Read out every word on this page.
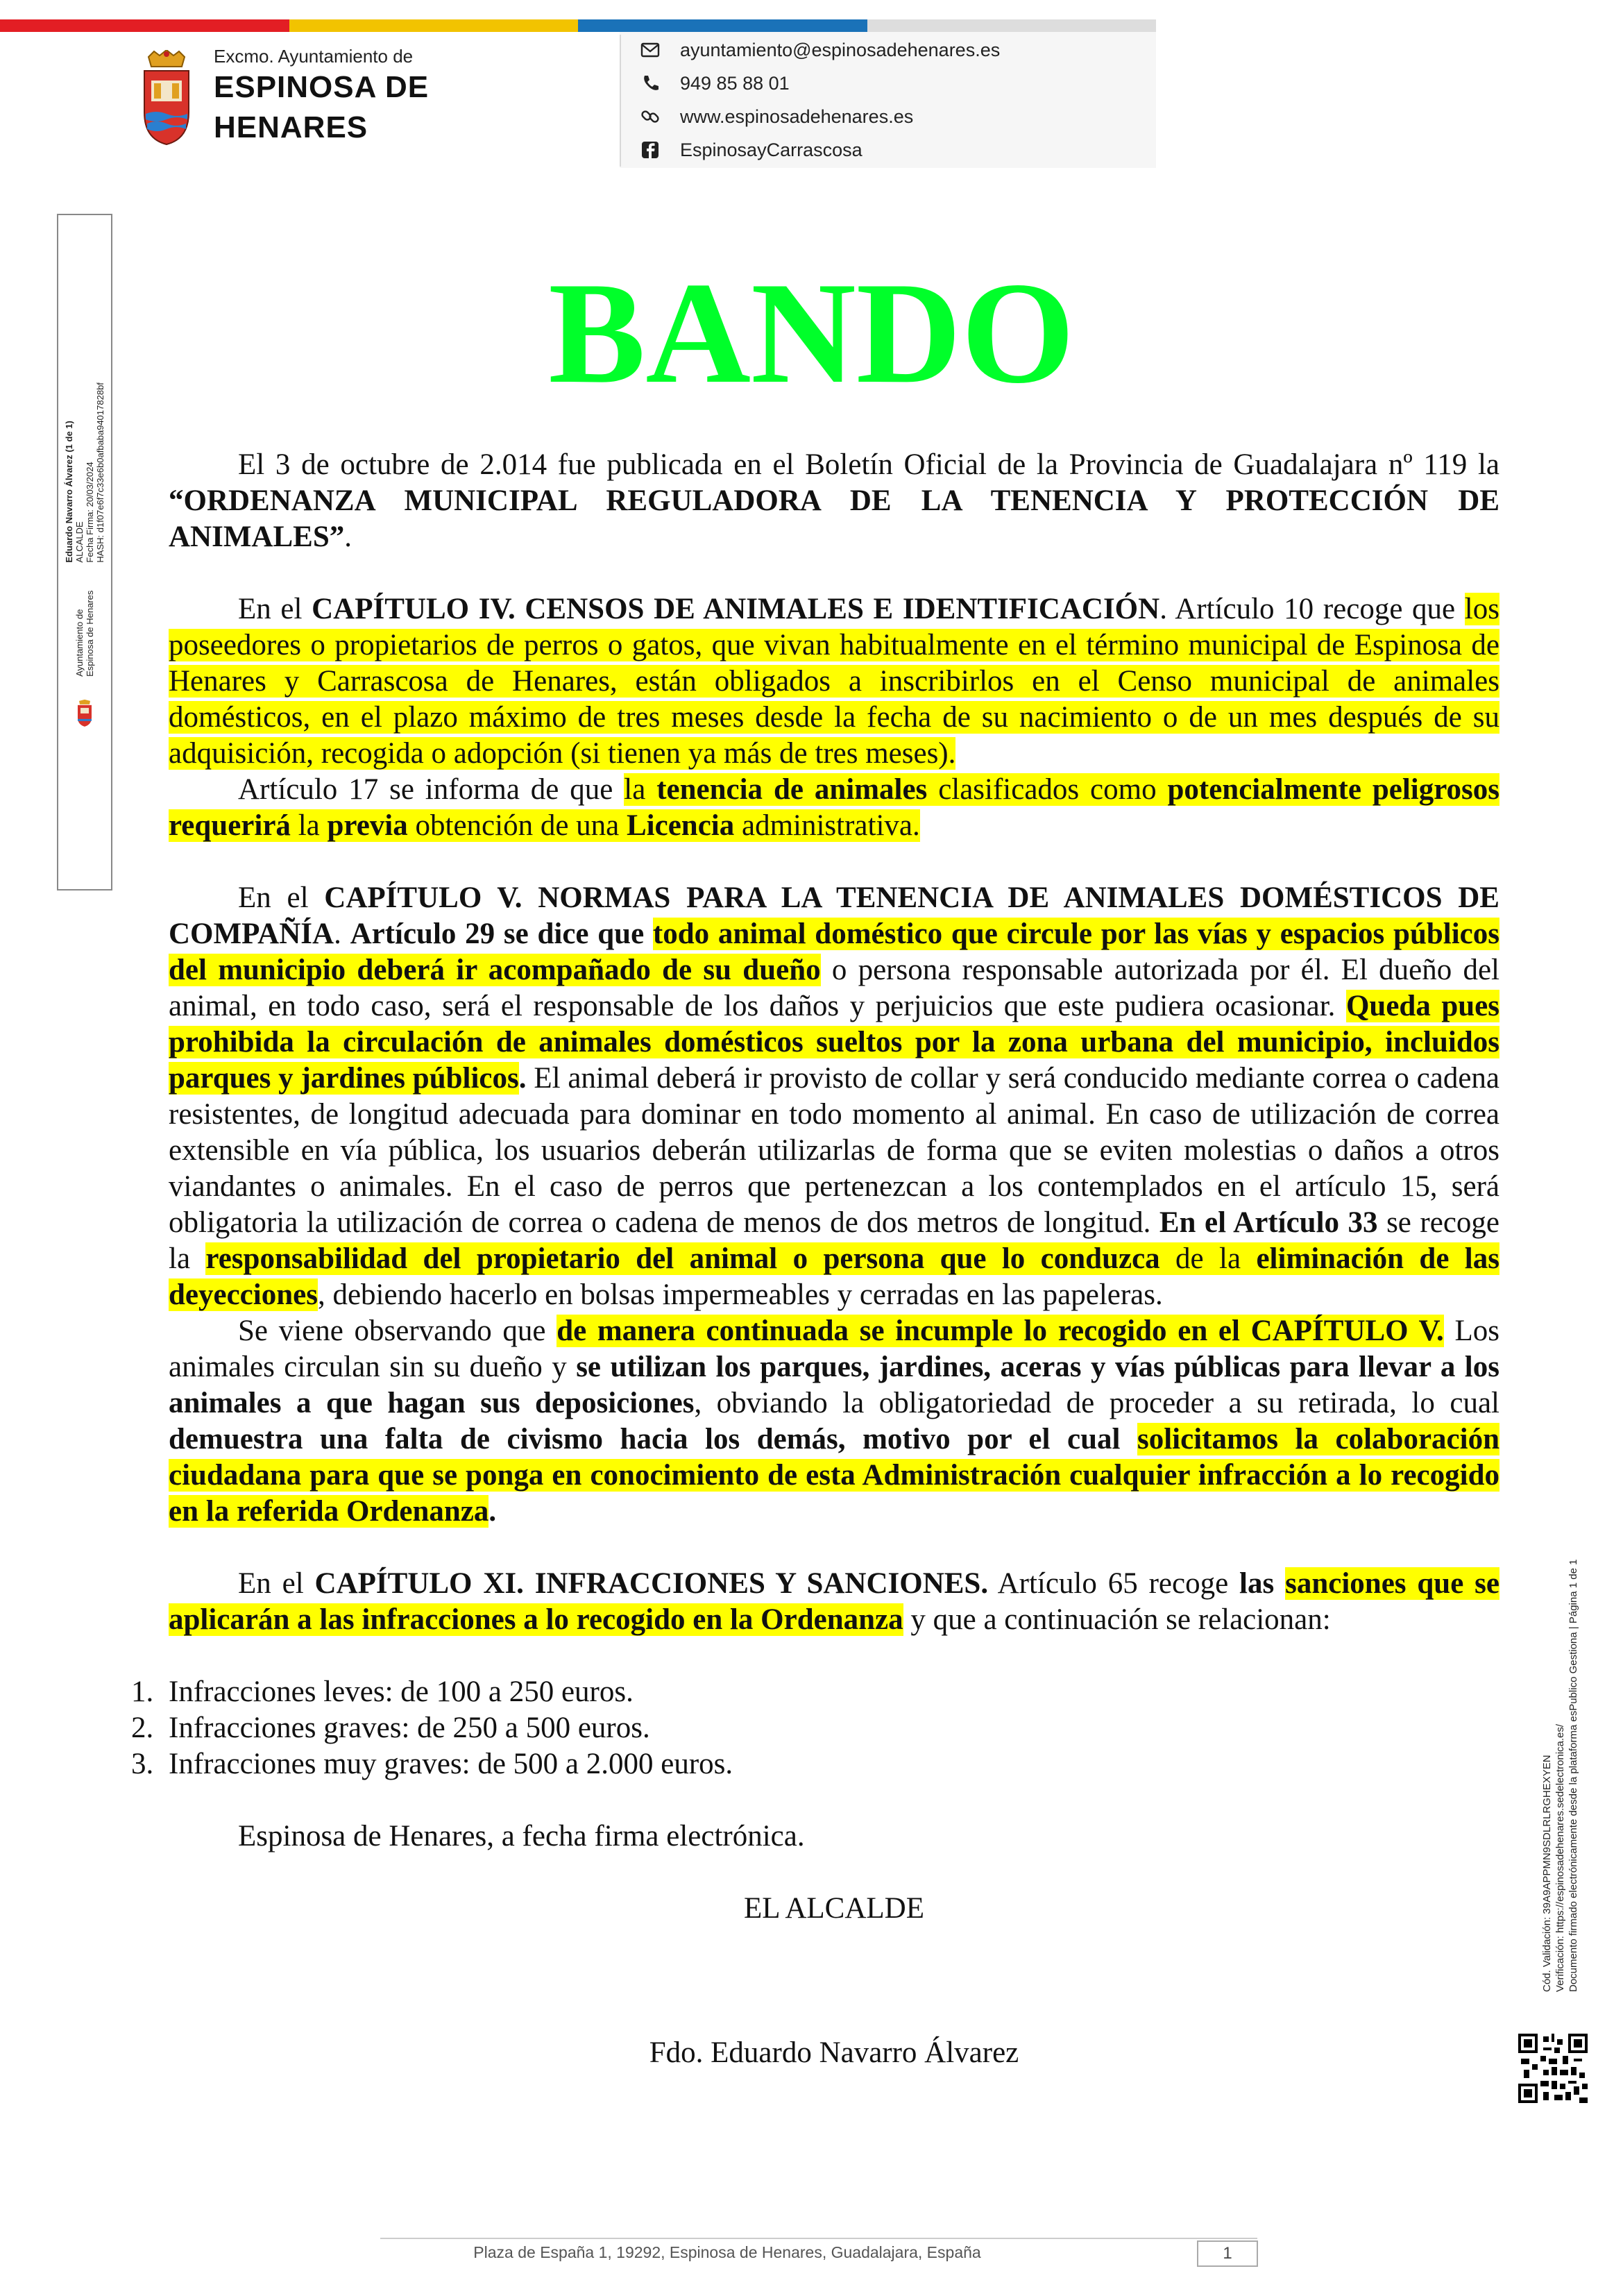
Excmo. Ayuntamiento de
ESPINOSA DE
HENARES
ayuntamiento@espinosadehenares.es
949 85 88 01
www.espinosadehenares.es
EspinosayCarrascosa
Ayuntamiento de Espinosa de Henares
Eduardo Navarro Álvarez (1 de 1) ALCALDE Fecha Firma: 20/03/2024 HASH: d1f07e6f7c33e6b0afbaba94017828bf
Cód. Validación: 39A9APPMN9SDLRLRGHEXYEN Verificación: https://espinosadehenares.sedelectronica.es/ Documento firmado electrónicamente desde la plataforma esPublico Gestiona | Página 1 de 1
BANDO

El 3 de octubre de 2.014 fue publicada en el Boletín Oficial de la Provincia de Guadalajara nº 119 la “ORDENANZA MUNICIPAL REGULADORA DE LA TENENCIA Y PROTECCIÓN DE ANIMALES”.

En el CAPÍTULO IV. CENSOS DE ANIMALES E IDENTIFICACIÓN. Artículo 10 recoge que los poseedores o propietarios de perros o gatos, que vivan habitualmente en el término municipal de Espinosa de Henares y Carrascosa de Henares, están obligados a inscribirlos en el Censo municipal de animales domésticos, en el plazo máximo de tres meses desde la fecha de su nacimiento o de un mes después de su adquisición, recogida o adopción (si tienen ya más de tres meses).

Artículo 17 se informa de que la tenencia de animales clasificados como potencialmente peligrosos requerirá la previa obtención de una Licencia administrativa.

En el CAPÍTULO V. NORMAS PARA LA TENENCIA DE ANIMALES DOMÉSTICOS DE COMPAÑÍA. Artículo 29 se dice que todo animal doméstico que circule por las vías y espacios públicos del municipio deberá ir acompañado de su dueño o persona responsable autorizada por él. El dueño del animal, en todo caso, será el responsable de los daños y perjuicios que este pudiera ocasionar. Queda pues prohibida la circulación de animales domésticos sueltos por la zona urbana del municipio, incluidos parques y jardines públicos. El animal deberá ir provisto de collar y será conducido mediante correa o cadena resistentes, de longitud adecuada para dominar en todo momento al animal. En caso de utilización de correa extensible en vía pública, los usuarios deberán utilizarlas de forma que se eviten molestias o daños a otros viandantes o animales. En el caso de perros que pertenezcan a los contemplados en el artículo 15, será obligatoria la utilización de correa o cadena de menos de dos metros de longitud. En el Artículo 33 se recoge la responsabilidad del propietario del animal o persona que lo conduzca de la eliminación de las deyecciones, debiendo hacerlo en bolsas impermeables y cerradas en las papeleras.

Se viene observando que de manera continuada se incumple lo recogido en el CAPÍTULO V. Los animales circulan sin su dueño y se utilizan los parques, jardines, aceras y vías públicas para llevar a los animales a que hagan sus deposiciones, obviando la obligatoriedad de proceder a su retirada, lo cual demuestra una falta de civismo hacia los demás, motivo por el cual solicitamos la colaboración ciudadana para que se ponga en conocimiento de esta Administración cualquier infracción a lo recogido en la referida Ordenanza.

En el CAPÍTULO XI. INFRACCIONES Y SANCIONES. Artículo 65 recoge las sanciones que se aplicarán a las infracciones a lo recogido en la Ordenanza y que a continuación se relacionan:

1. Infracciones leves: de 100 a 250 euros.
2. Infracciones graves: de 250 a 500 euros.
3. Infracciones muy graves: de 500 a 2.000 euros.

Espinosa de Henares, a fecha firma electrónica.

EL ALCALDE

Fdo. Eduardo Navarro Álvarez

Plaza de España 1, 19292, Espinosa de Henares, Guadalajara, España	1
